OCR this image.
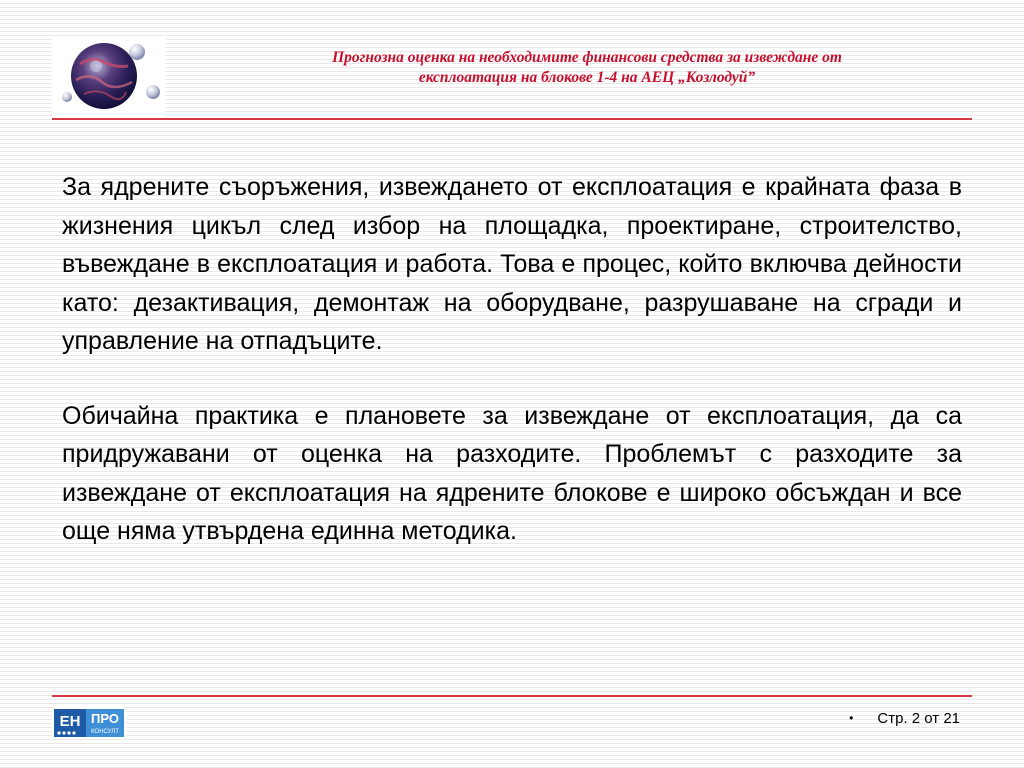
Прогнозна оценка на необходимите финансови средства за извеждане от
експлоатация на блокове 1-4 на АЕЦ „Козлодуй”

За ядрените съоръжения, извеждането от експлоатация е крайната фаза в жизнения цикъл след избор на площадка, проектиране, строителство, въвеждане в експлоатация и работа. Това е процес, който включва дейности като: дезактивация, демонтаж на оборудване, разрушаване на сгради и управление на отпадъците.

Обичайна практика е плановете за извеждане от експлоатация, да са придружавани от оценка на разходите. Проблемът с разходите за извеждане от експлоатация на ядрените блокове е широко обсъждан и все още няма утвърдена единна методика.

ЕН ПРО
КОНСУЛТ
• Стр. 2 от 21
